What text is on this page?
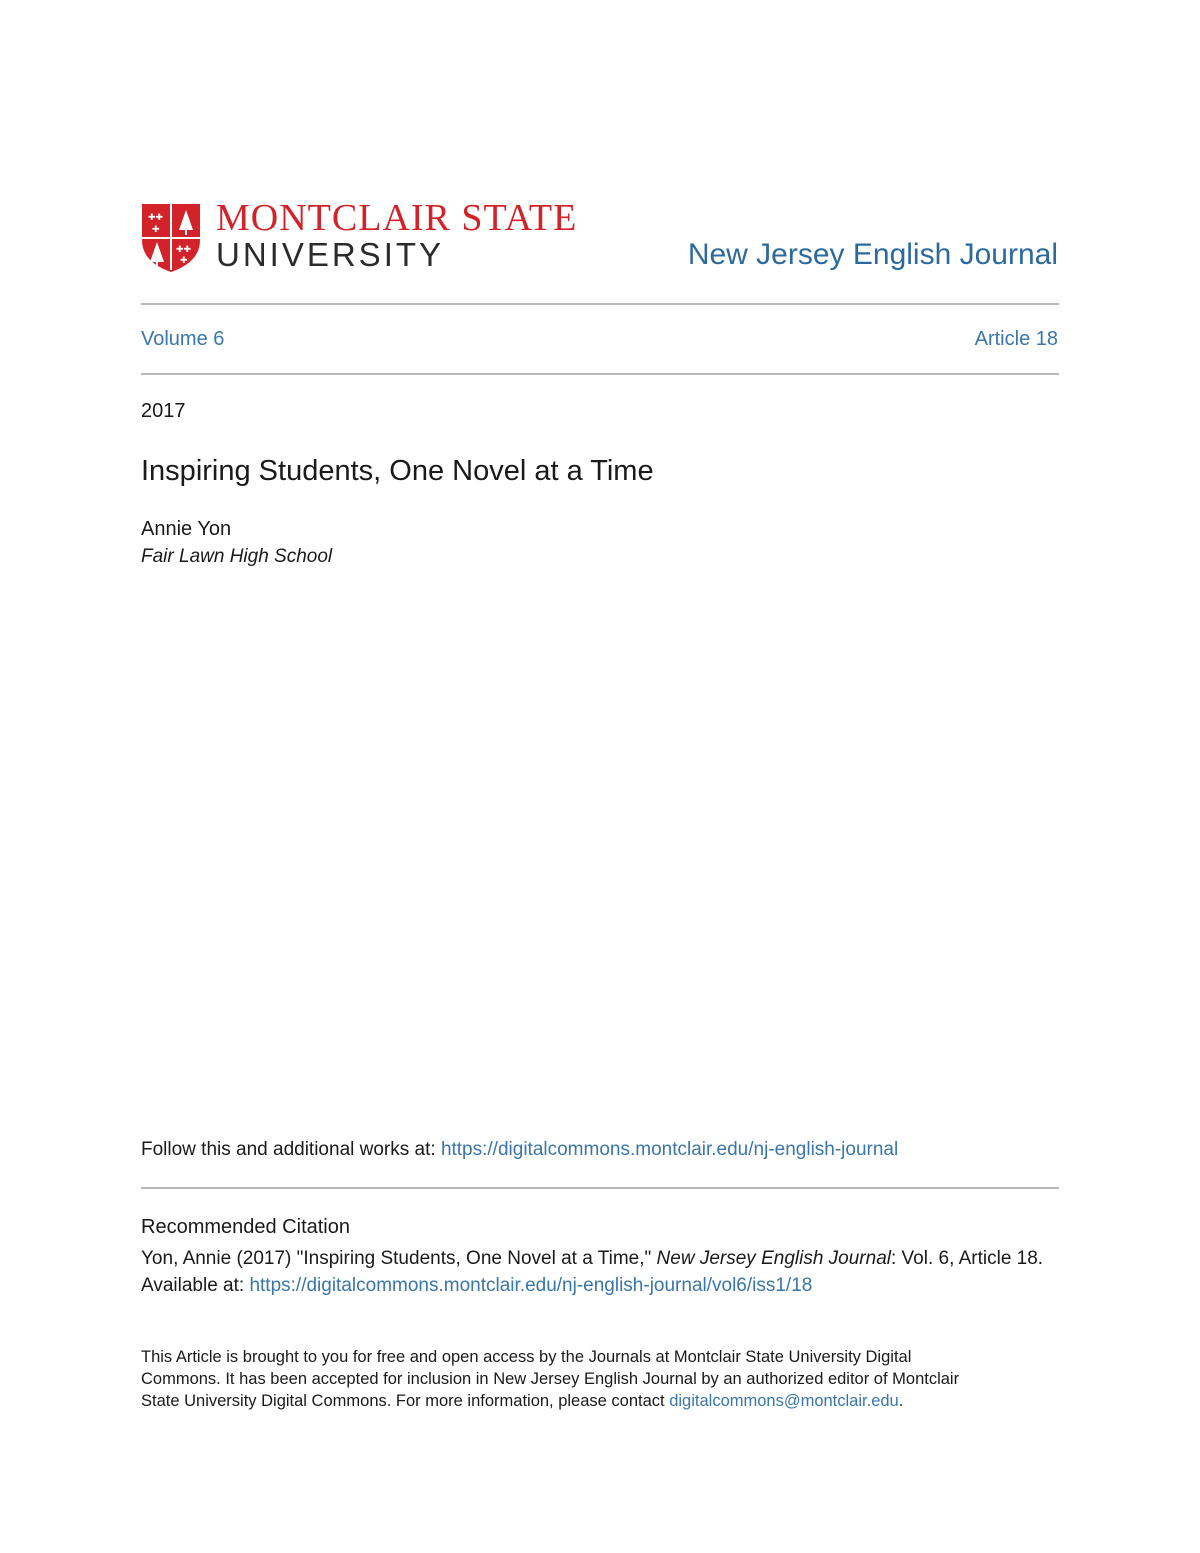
✚✚
✚
✚✚
✚
MONTCLAIR STATE
UNIVERSITY	New Jersey English Journal
Volume 6	Article 18
2017
Inspiring Students, One Novel at a Time
Annie Yon
Fair Lawn High School
Follow this and additional works at: https://digitalcommons.montclair.edu/nj-english-journal
Recommended Citation
Yon, Annie (2017) "Inspiring Students, One Novel at a Time," New Jersey English Journal: Vol. 6, Article 18.
Available at: https://digitalcommons.montclair.edu/nj-english-journal/vol6/iss1/18
This Article is brought to you for free and open access by the Journals at Montclair State University Digital
Commons. It has been accepted for inclusion in New Jersey English Journal by an authorized editor of Montclair
State University Digital Commons. For more information, please contact digitalcommons@montclair.edu.
